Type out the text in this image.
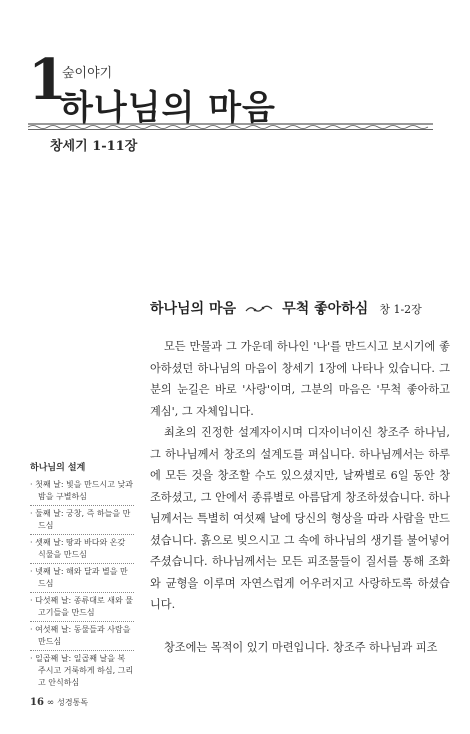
1
숲이야기
하나님의 마음
창세기 1-11장
하나님의 마음	무척 좋아하심 창 1-2장

모든 만물과 그 가운데 하나인 '나'를 만드시고 보시기에 좋아하셨던 하나님의 마음이 창세기 1장에 나타나 있습니다. 그분의 눈길은 바로 '사랑'이며, 그분의 마음은 '무척 좋아하고 계심', 그 자체입니다.

최초의 진정한 설계자이시며 디자이너이신 창조주 하나님, 그 하나님께서 창조의 설계도를 펴십니다. 하나님께서는 하루에 모든 것을 창조할 수도 있으셨지만, 날짜별로 6일 동안 창조하셨고, 그 안에서 종류별로 아름답게 창조하셨습니다. 하나님께서는 특별히 여섯째 날에 당신의 형상을 따라 사람을 만드셨습니다. 흙으로 빚으시고 그 속에 하나님의 생기를 불어넣어 주셨습니다. 하나님께서는 모든 피조물들이 질서를 통해 조화와 균형을 이루며 자연스럽게 어우러지고 사랑하도록 하셨습니다.

창조에는 목적이 있기 마련입니다. 창조주 하나님과 피조

하나님의 설계
· 첫째 날: 빛을 만드시고 낮과 밤을 구별하심
· 둘째 날: 궁창, 즉 하늘을 만드심
· 셋째 날: 땅과 바다와 온갖 식물을 만드심
· 넷째 날: 해와 달과 별을 만드심
· 다섯째 날: 종류대로 새와 물고기들을 만드심
· 여섯째 날: 동물들과 사람을 만드심
· 일곱째 날: 일곱째 날을 복 주시고 거룩하게 하심, 그리고 안식하심
16 ∞ 성경통독
